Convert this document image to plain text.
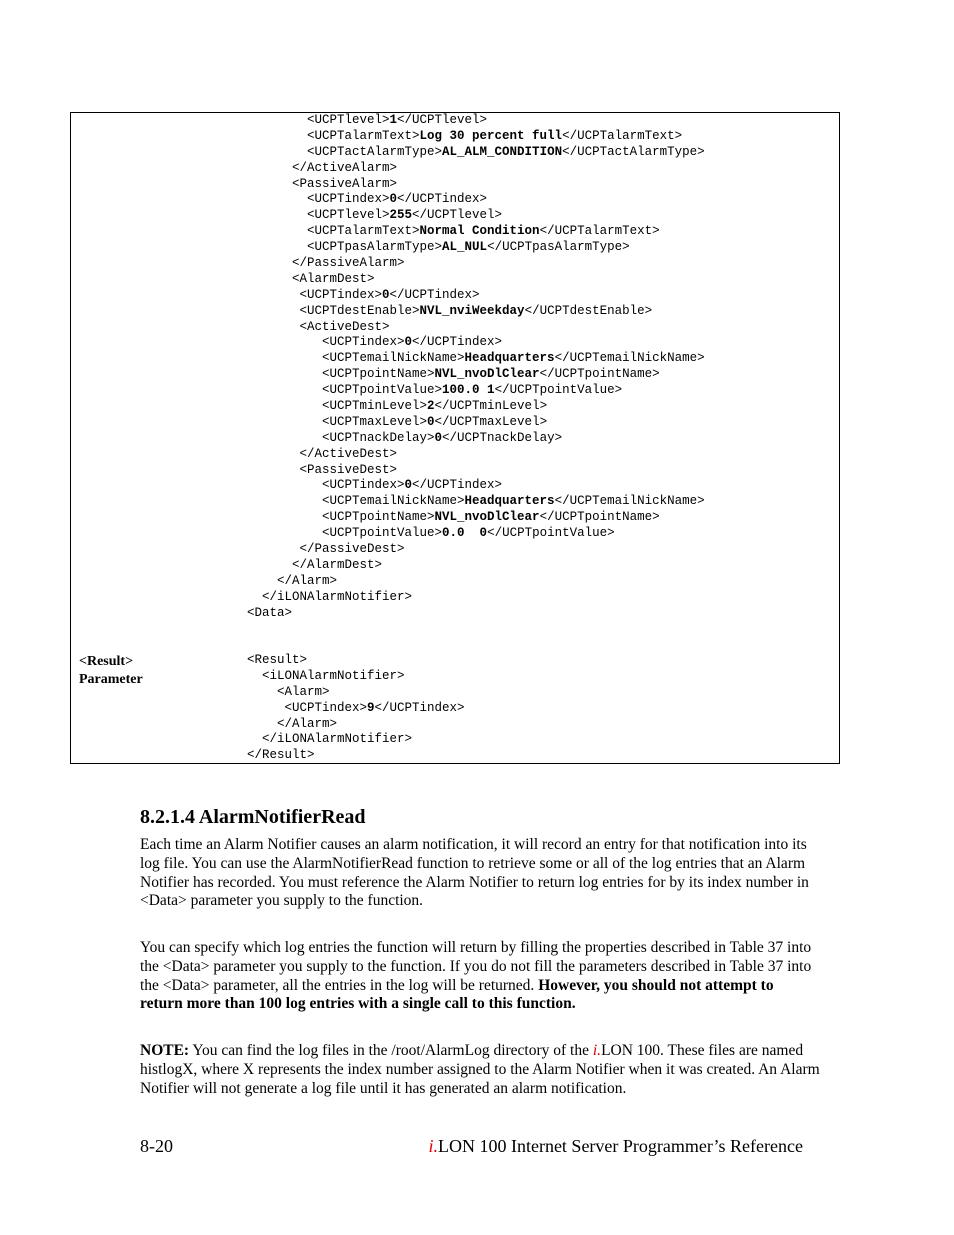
<UCPTlevel>1</UCPTlevel>
<UCPTalarmText>Log 30 percent full</UCPTalarmText>
<UCPTactAlarmType>AL_ALM_CONDITION</UCPTactAlarmType>
</ActiveAlarm>
<PassiveAlarm>
<UCPTindex>0</UCPTindex>
<UCPTlevel>255</UCPTlevel>
<UCPTalarmText>Normal Condition</UCPTalarmText>
<UCPTpasAlarmType>AL_NUL</UCPTpasAlarmType>
</PassiveAlarm>
<AlarmDest>
<UCPTindex>0</UCPTindex>
<UCPTdestEnable>NVL_nviWeekday</UCPTdestEnable>
<ActiveDest>
<UCPTindex>0</UCPTindex>
<UCPTemailNickName>Headquarters</UCPTemailNickName>
<UCPTpointName>NVL_nvoDlClear</UCPTpointName>
<UCPTpointValue>100.0 1</UCPTpointValue>
<UCPTminLevel>2</UCPTminLevel>
<UCPTmaxLevel>0</UCPTmaxLevel>
<UCPTnackDelay>0</UCPTnackDelay>
</ActiveDest>
<PassiveDest>
<UCPTindex>0</UCPTindex>
<UCPTemailNickName>Headquarters</UCPTemailNickName>
<UCPTpointName>NVL_nvoDlClear</UCPTpointName>
<UCPTpointValue>0.0  0</UCPTpointValue>
</PassiveDest>
</AlarmDest>
</Alarm>
</iLONAlarmNotifier>
<Data>
<Result>
Parameter
<Result>
<iLONAlarmNotifier>
<Alarm>
<UCPTindex>9</UCPTindex>
</Alarm>
</iLONAlarmNotifier>
</Result>
8.2.1.4 AlarmNotifierRead

Each time an Alarm Notifier causes an alarm notification, it will record an entry for that notification into its log file. You can use the AlarmNotifierRead function to retrieve some or all of the log entries that an Alarm Notifier has recorded. You must reference the Alarm Notifier to return log entries for by its index number in <Data> parameter you supply to the function.

You can specify which log entries the function will return by filling the properties described in Table 37 into the <Data> parameter you supply to the function. If you do not fill the parameters described in Table 37 into the <Data> parameter, all the entries in the log will be returned. However, you should not attempt to return more than 100 log entries with a single call to this function.

NOTE: You can find the log files in the /root/AlarmLog directory of the i.LON 100. These files are named histlogX, where X represents the index number assigned to the Alarm Notifier when it was created. An Alarm Notifier will not generate a log file until it has generated an alarm notification.

8-20	i.LON 100 Internet Server Programmer’s Reference
